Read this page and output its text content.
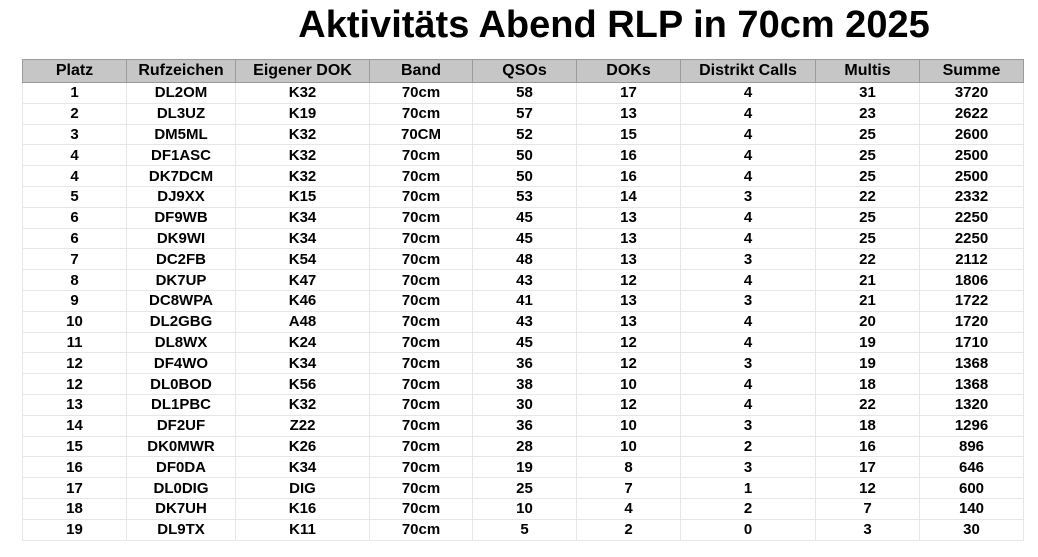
Aktivitäts Abend RLP in 70cm 2025
Platz	Rufzeichen	Eigener DOK	Band	QSOs	DOKs	Distrikt Calls	Multis	Summe
1	DL2OM	K32	70cm	58	17	4	31	3720
2	DL3UZ	K19	70cm	57	13	4	23	2622
3	DM5ML	K32	70CM	52	15	4	25	2600
4	DF1ASC	K32	70cm	50	16	4	25	2500
4	DK7DCM	K32	70cm	50	16	4	25	2500
5	DJ9XX	K15	70cm	53	14	3	22	2332
6	DF9WB	K34	70cm	45	13	4	25	2250
6	DK9WI	K34	70cm	45	13	4	25	2250
7	DC2FB	K54	70cm	48	13	3	22	2112
8	DK7UP	K47	70cm	43	12	4	21	1806
9	DC8WPA	K46	70cm	41	13	3	21	1722
10	DL2GBG	A48	70cm	43	13	4	20	1720
11	DL8WX	K24	70cm	45	12	4	19	1710
12	DF4WO	K34	70cm	36	12	3	19	1368
12	DL0BOD	K56	70cm	38	10	4	18	1368
13	DL1PBC	K32	70cm	30	12	4	22	1320
14	DF2UF	Z22	70cm	36	10	3	18	1296
15	DK0MWR	K26	70cm	28	10	2	16	896
16	DF0DA	K34	70cm	19	8	3	17	646
17	DL0DIG	DIG	70cm	25	7	1	12	600
18	DK7UH	K16	70cm	10	4	2	7	140
19	DL9TX	K11	70cm	5	2	0	3	30
